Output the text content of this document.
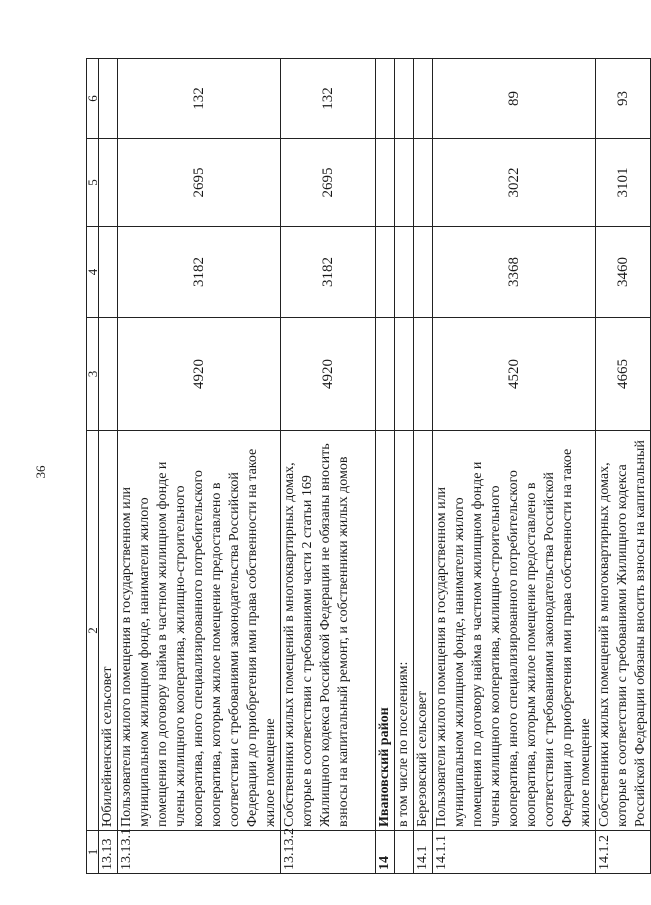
36
1	2	3	4	5	6
13.13	Юбилейненский сельсовет				
13.13.1	Пользователи жилого помещения в государственном или муниципальном жилищном фонде, наниматели жилого помещения по договору найма в частном жилищном фонде и члены жилищного кооператива, жилищно-строительного кооператива, иного специализированного потребительского кооператива, которым жилое помещение предоставлено в соответствии с требованиями законодательства Российской Федерации до приобретения ими права собственности на такое жилое помещение	4920	3182	2695	132
13.13.2	Собственники жилых помещений в многоквартирных домах, которые в соответствии с требованиями части 2 статьи 169 Жилищного кодекса Российской Федерации не обязаны вносить взносы на капитальный ремонт, и собственники жилых домов	4920	3182	2695	132
14	Ивановский район				
	в том числе по поселениям:				
14.1	Березовский сельсовет				
14.1.1	Пользователи жилого помещения в государственном или муниципальном жилищном фонде, наниматели жилого помещения по договору найма в частном жилищном фонде и члены жилищного кооператива, жилищно-строительного кооператива, иного специализированного потребительского кооператива, которым жилое помещение предоставлено в соответствии с требованиями законодательства Российской Федерации до приобретения ими права собственности на такое жилое помещение	4520	3368	3022	89
14.1.2	Собственники жилых помещений в многоквартирных домах, которые в соответствии с требованиями Жилищного кодекса Российской Федерации обязаны вносить взносы на капитальный	4665	3460	3101	93
